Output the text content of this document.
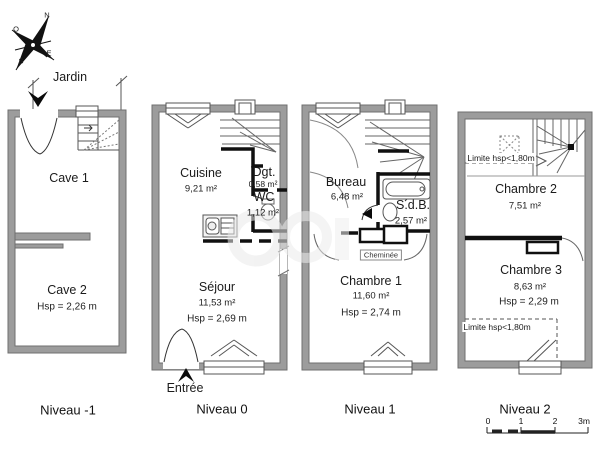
N
O
E
S
Jardin
Cave 1
Cave 2
Hsp = 2,26 m
Niveau -1
Cuisine
9,21 m²
Dgt.
0,58 m²
WC
1,12 m²
Séjour
11,53 m²
Hsp = 2,69 m
Entrée
Niveau 0
Bureau
6,48 m²
S.d.B.
2,57 m²
Cheminée
Chambre 1
11,60 m²
Hsp = 2,74 m
Niveau 1
Limite hsp<1,80m
Chambre 2
7,51 m²
Chambre 3
8,63 m²
Hsp = 2,29 m
Limite hsp<1,80m
Niveau 2
0	1	2 3m
